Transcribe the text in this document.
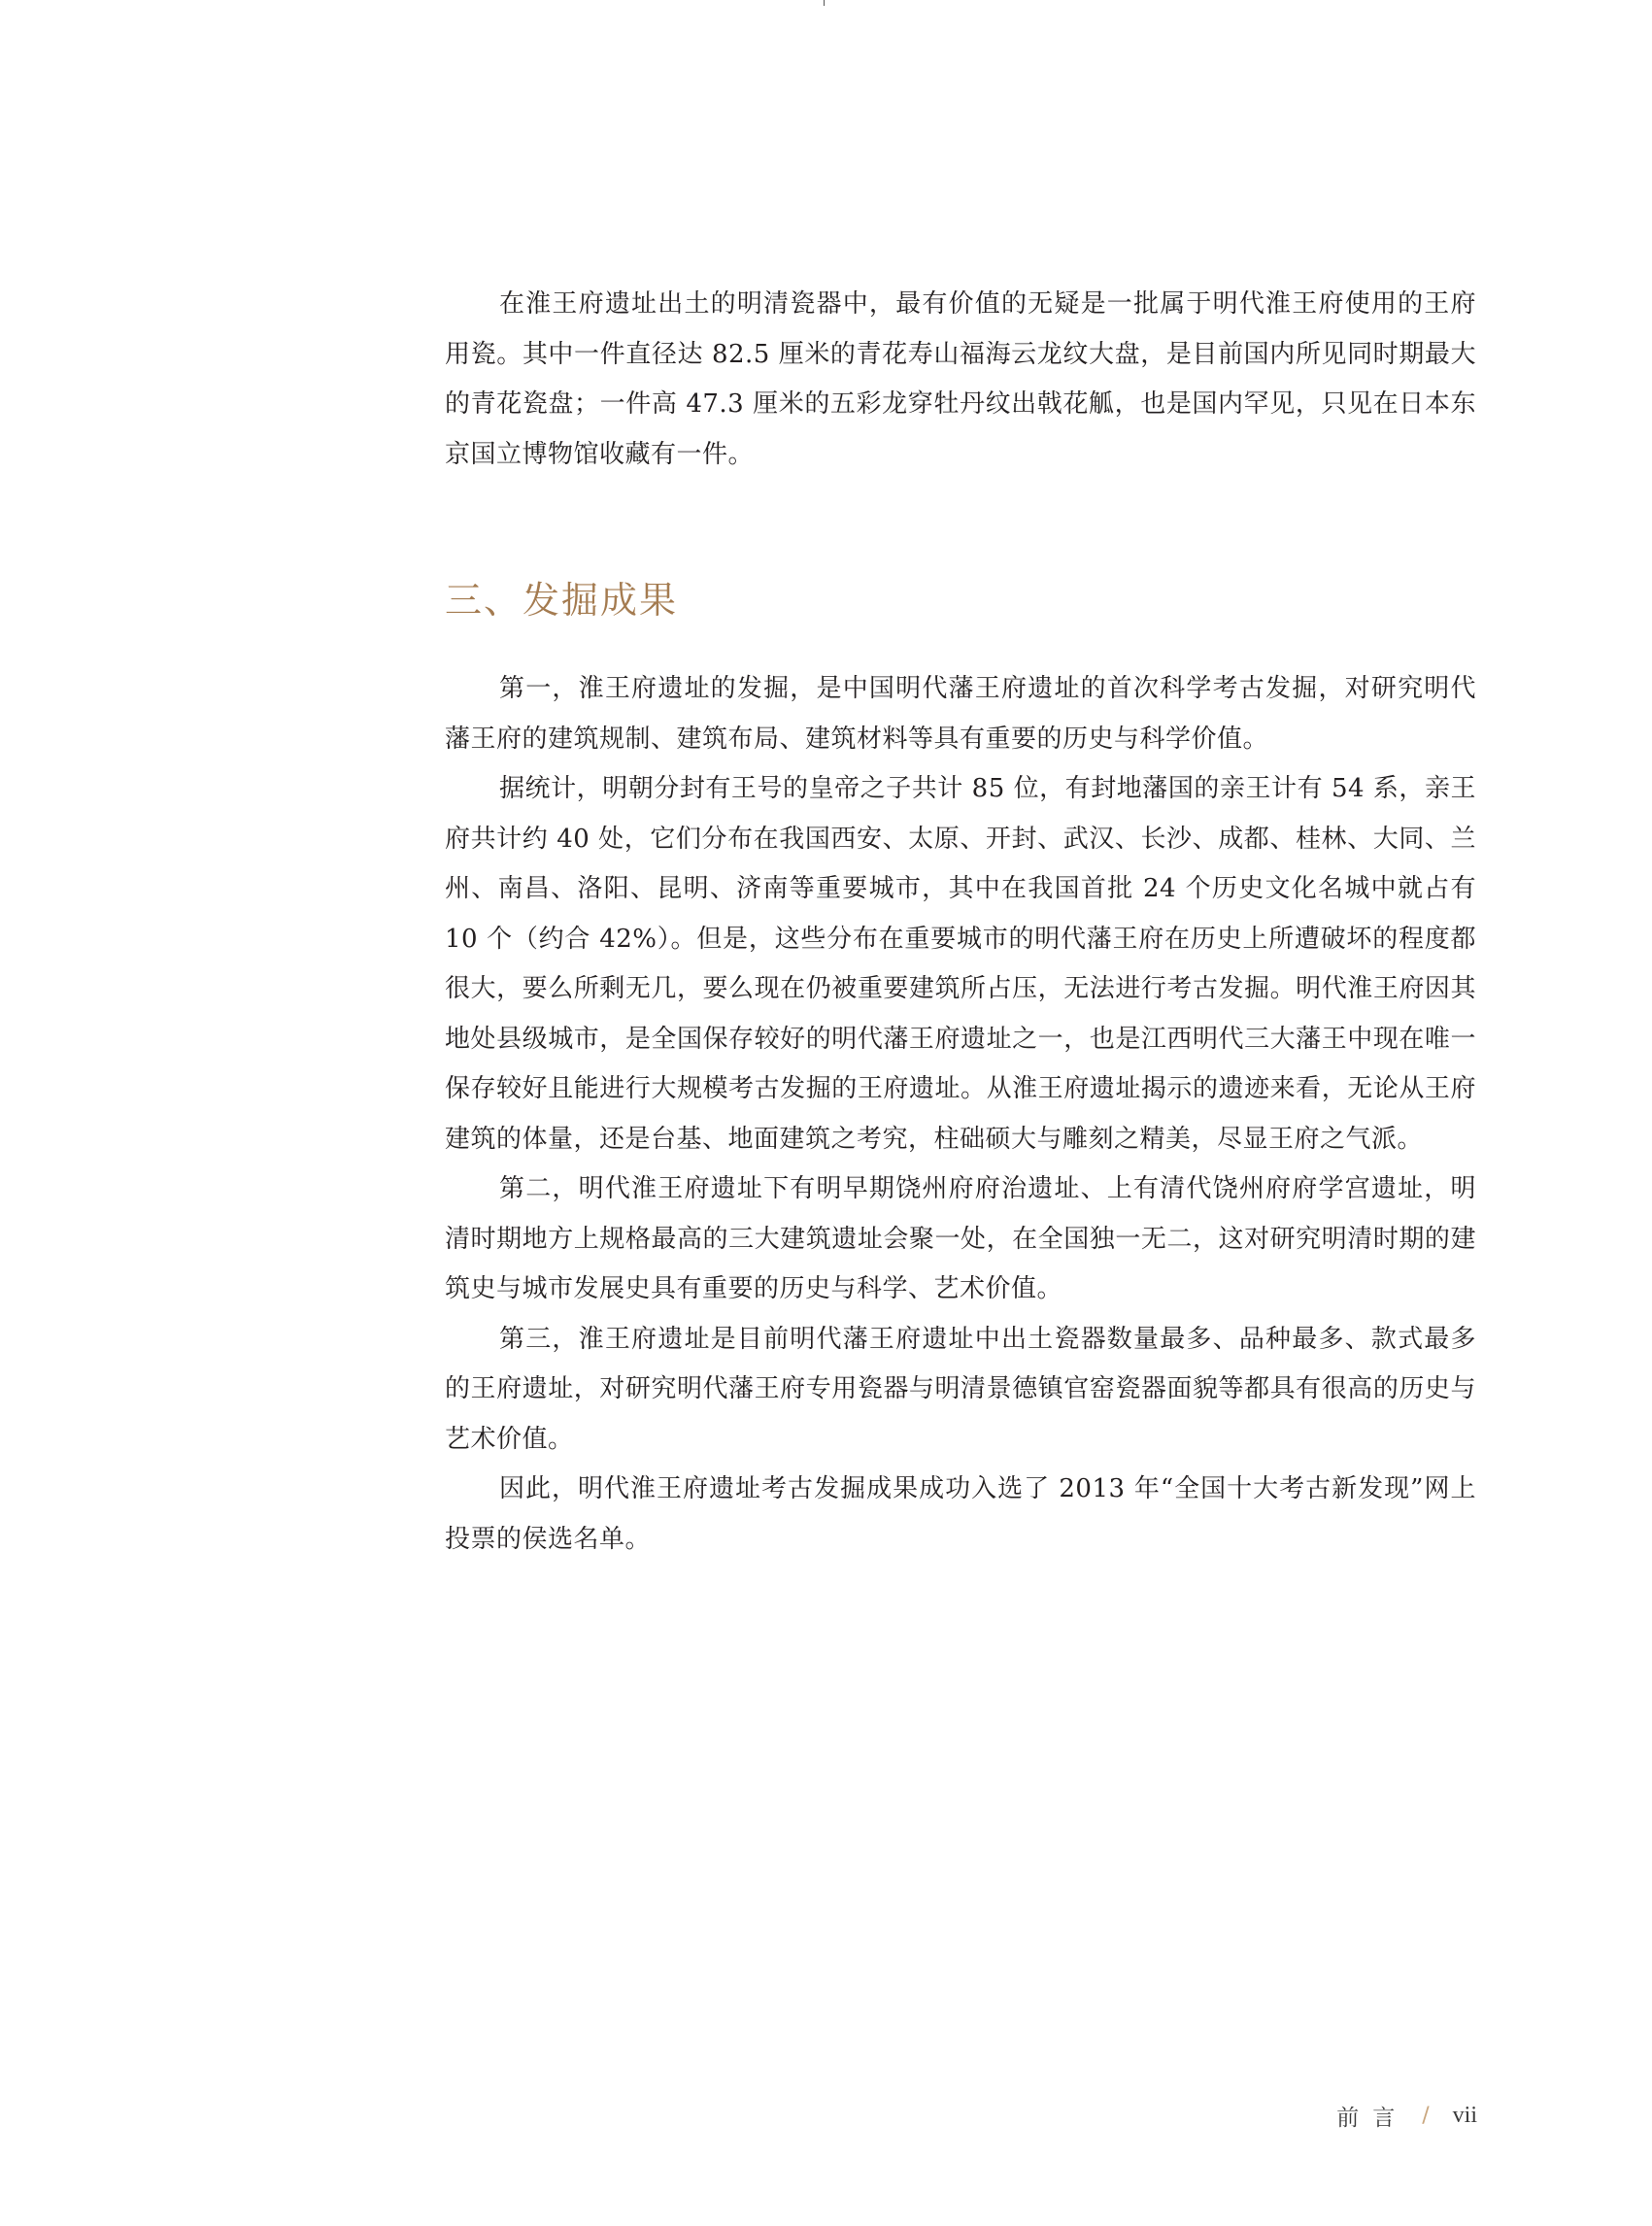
在淮王府遗址出土的明清瓷器中，最有价值的无疑是一批属于明代淮王府使用的王府用瓷。其中一件直径达 82.5 厘米的青花寿山福海云龙纹大盘，是目前国内所见同时期最大的青花瓷盘；一件高 47.3 厘米的五彩龙穿牡丹纹出戟花觚，也是国内罕见，只见在日本东京国立博物馆收藏有一件。

三、发掘成果

第一，淮王府遗址的发掘，是中国明代藩王府遗址的首次科学考古发掘，对研究明代藩王府的建筑规制、建筑布局、建筑材料等具有重要的历史与科学价值。

据统计，明朝分封有王号的皇帝之子共计 85 位，有封地藩国的亲王计有 54 系，亲王府共计约 40 处，它们分布在我国西安、太原、开封、武汉、长沙、成都、桂林、大同、兰州、南昌、洛阳、昆明、济南等重要城市，其中在我国首批 24 个历史文化名城中就占有 10 个（约合 42%）。但是，这些分布在重要城市的明代藩王府在历史上所遭破坏的程度都很大，要么所剩无几，要么现在仍被重要建筑所占压，无法进行考古发掘。明代淮王府因其地处县级城市，是全国保存较好的明代藩王府遗址之一，也是江西明代三大藩王中现在唯一保存较好且能进行大规模考古发掘的王府遗址。从淮王府遗址揭示的遗迹来看，无论从王府建筑的体量，还是台基、地面建筑之考究，柱础硕大与雕刻之精美，尽显王府之气派。

第二，明代淮王府遗址下有明早期饶州府府治遗址、上有清代饶州府府学宫遗址，明清时期地方上规格最高的三大建筑遗址会聚一处，在全国独一无二，这对研究明清时期的建筑史与城市发展史具有重要的历史与科学、艺术价值。

第三，淮王府遗址是目前明代藩王府遗址中出土瓷器数量最多、品种最多、款式最多的王府遗址，对研究明代藩王府专用瓷器与明清景德镇官窑瓷器面貌等都具有很高的历史与艺术价值。

因此，明代淮王府遗址考古发掘成果成功入选了 2013 年“全国十大考古新发现”网上投票的侯选名单。

前言 / vii
